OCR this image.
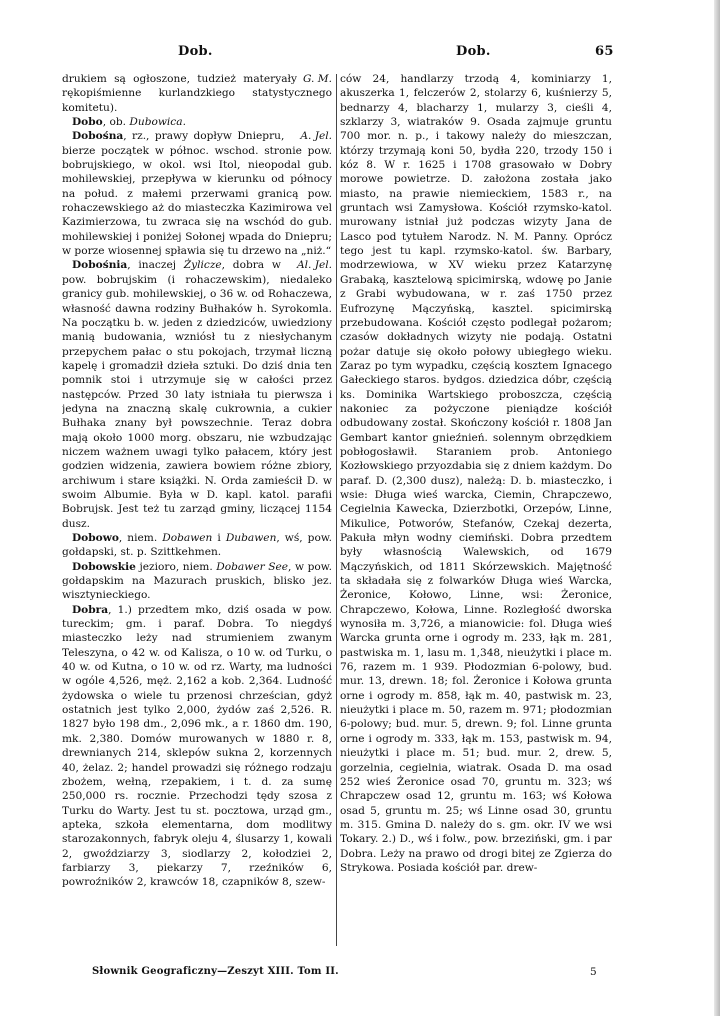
Dob.	Dob.	65

G. M.
drukiem są ogłoszone, tudzież materyały rękopiśmienne kurlandzkiego statystycznego komitetu).

Dobo, ob. Dubowica.

A. Jel.
Dobośna, rz., prawy dopływ Dniepru, bierze początek w północ. wschod. stronie pow. bobrujskiego, w okol. wsi Itol, nieopodal gub. mohilewskiej, przepływa w kierunku od północy na połud. z małemi przerwami granicą pow. rohaczewskiego aż do miasteczka Kazimirowa vel Kazimierzowa, tu zwraca się na wschód do gub. mohilewskiej i poniżej Sołonej wpada do Dniepru; w porze wiosennej spławia się tu drzewo na „niż.“

Al. Jel.
Dobośnia, inaczej Żylicze, dobra w pow. bobrujskim (i rohaczewskim), niedaleko granicy gub. mohilewskiej, o 36 w. od Rohaczewa, własność dawna rodziny Bułhaków h. Syrokomla. Na początku b. w. jeden z dziedziców, uwiedziony manią budowania, wzniósł tu z niesłychanym przepychem pałac o stu pokojach, trzymał liczną kapelę i gromadził dzieła sztuki. Do dziś dnia ten pomnik stoi i utrzymuje się w całości przez następców. Przed 30 laty istniała tu pierwsza i jedyna na znaczną skalę cukrownia, a cukier Bułhaka znany był powszechnie. Teraz dobra mają około 1000 morg. obszaru, nie wzbudzając niczem ważnem uwagi tylko pałacem, który jest godzien widzenia, zawiera bowiem różne zbiory, archiwum i stare książki. N. Orda zamieścił D. w swoim Albumie. Była w D. kapl. katol. parafii Bobrujsk. Jest też tu zarząd gminy, liczącej 1154 dusz.

Dobowo, niem. Dobawen i Dubawen, wś, pow. gołdapski, st. p. Szittkehmen.

Dobowskie jezioro, niem. Dobawer See, w pow. gołdapskim na Mazurach pruskich, blisko jez. wisztynieckiego.

Dobra, 1.) przedtem mko, dziś osada w pow. tureckim; gm. i paraf. Dobra. To niegdyś miasteczko leży nad strumieniem zwanym Teleszyna, o 42 w. od Kalisza, o 10 w. od Turku, o 40 w. od Kutna, o 10 w. od rz. Warty, ma ludności w ogóle 4,526, męż. 2,162 a kob. 2,364. Ludność żydowska o wiele tu przenosi chrześcian, gdyż ostatnich jest tylko 2,000, żydów zaś 2,526. R. 1827 było 198 dm., 2,096 mk., a r. 1860 dm. 190, mk. 2,380. Domów murowanych w 1880 r. 8, drewnianych 214, sklepów sukna 2, korzennych 40, żelaz. 2; handel prowadzi się różnego rodzaju zbożem, wełną, rzepakiem, i t. d. za sumę 250,000 rs. rocznie. Przechodzi tędy szosa z Turku do Warty. Jest tu st. pocztowa, urząd gm., apteka, szkoła elementarna, dom modlitwy starozakonnych, fabryk oleju 4, ślusarzy 1, kowali 2, gwoździarzy 3, siodlarzy 2, kołodziei 2, farbiarzy 3, piekarzy 7, rzeźników 6, powroźników 2, krawców 18, czapników 8, szew-

ców 24, handlarzy trzodą 4, kominiarzy 1, akuszerka 1, felczerów 2, stolarzy 6, kuśnierzy 5, bednarzy 4, blacharzy 1, mularzy 3, cieśli 4, szklarzy 3, wiatraków 9. Osada zajmuje gruntu 700 mor. n. p., i takowy należy do mieszczan, którzy trzymają koni 50, bydła 220, trzody 150 i kóz 8. W r. 1625 i 1708 grasowało w Dobry morowe powietrze. D. założona została jako miasto, na prawie niemieckiem, 1583 r., na gruntach wsi Zamysłowa. Kościół rzymsko-katol. murowany istniał już podczas wizyty Jana de Lasco pod tytułem Narodz. N. M. Panny. Oprócz tego jest tu kapl. rzymsko-katol. św. Barbary, modrzewiowa, w XV wieku przez Katarzynę Grabaką, kasztelową spicimirską, wdowę po Janie z Grabi wybudowana, w r. zaś 1750 przez Eufrozynę Mączyńską, kasztel. spicimirską przebudowana. Kościół często podlegał pożarom; czasów dokładnych wizyty nie podają. Ostatni pożar datuje się około połowy ubiegłego wieku. Zaraz po tym wypadku, częścią kosztem Ignacego Gałeckiego staros. bydgos. dziedzica dóbr, częścią ks. Dominika Wartskiego proboszcza, częścią nakoniec za pożyczone pieniądze kościół odbudowany został. Skończony kościół r. 1808 Jan Gembart kantor gnieźnień. solennym obrzędkiem pobłogosławił. Staraniem prob. Antoniego Kozłowskiego przyozdabia się z dniem każdym. Do paraf. D. (2,300 dusz), należą: D. b. miasteczko, i wsie: Długa wieś warcka, Ciemin, Chrapczewo, Cegielnia Kawecka, Dzierzbotki, Orzepów, Linne, Mikulice, Potworów, Stefanów, Czekaj dezerta, Pakuła młyn wodny ciemiński. Dobra przedtem były własnością Walewskich, od 1679 Mączyńskich, od 1811 Skórzewskich. Majętność ta składała się z folwarków Długa wieś Warcka, Żeronice, Kołowo, Linne, wsi: Żeronice, Chrapczewo, Kołowa, Linne. Rozległość dworska wynosiła m. 3,726, a mianowicie: fol. Długa wieś Warcka grunta orne i ogrody m. 233, łąk m. 281, pastwiska m. 1, lasu m. 1,348, nieużytki i place m. 76, razem m. 1 939. Płodozmian 6-polowy, bud. mur. 13, drewn. 18; fol. Żeronice i Kołowa grunta orne i ogrody m. 858, łąk m. 40, pastwisk m. 23, nieużytki i place m. 50, razem m. 971; płodozmian 6-polowy; bud. mur. 5, drewn. 9; fol. Linne grunta orne i ogrody m. 333, łąk m. 153, pastwisk m. 94, nieużytki i place m. 51; bud. mur. 2, drew. 5, gorzelnia, cegielnia, wiatrak. Osada D. ma osad 252 wieś Żeronice osad 70, gruntu m. 323; wś Chrapczew osad 12, gruntu m. 163; wś Kołowa osad 5, gruntu m. 25; wś Linne osad 30, gruntu m. 315. Gmina D. należy do s. gm. okr. IV we wsi Tokary. 2.) D., wś i folw., pow. brzeziński, gm. i par Dobra. Leży na prawo od drogi bitej ze Zgierza do Strykowa. Posiada kościół par. drew-

Słownik Geograficzny—Zeszyt XIII. Tom II.	5
